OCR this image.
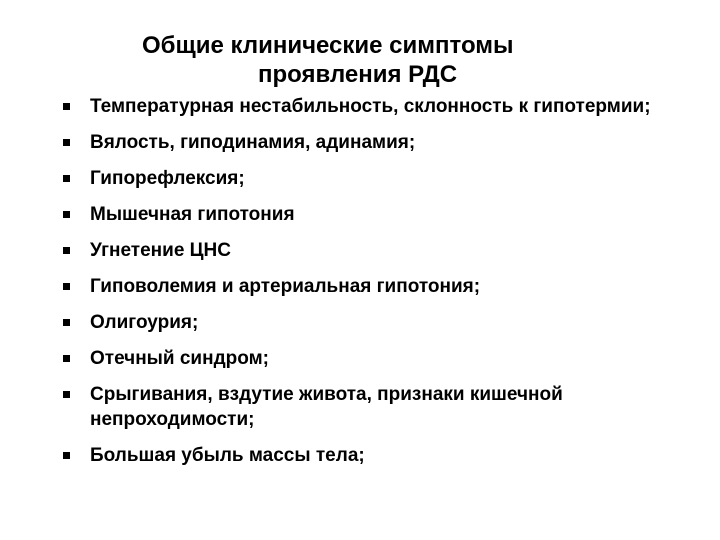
Общие клинические симптомы
проявления РДС
Температурная нестабильность, склонность к гипотермии;
Вялость, гиподинамия, адинамия;
Гипорефлексия;
Мышечная гипотония
Угнетение ЦНС
Гиповолемия и артериальная гипотония;
Олигоурия;
Отечный синдром;
Срыгивания, вздутие живота, признаки кишечной непроходимости;
Большая убыль массы тела;
